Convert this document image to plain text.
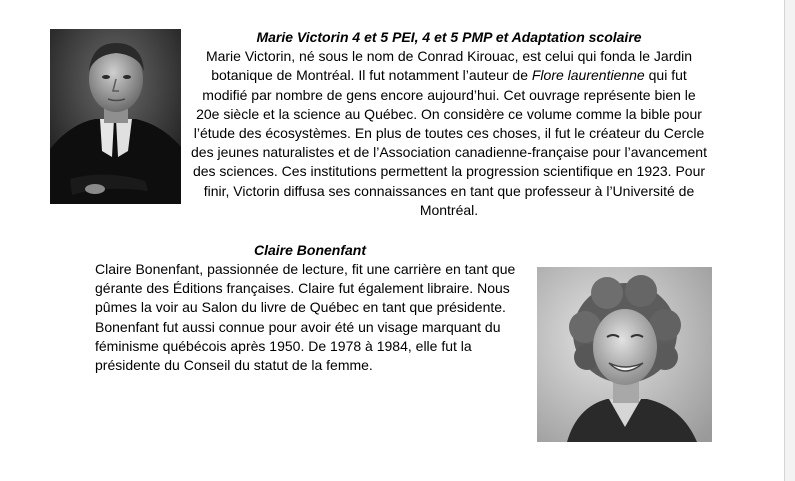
Marie Victorin 4 et 5 PEI, 4 et 5 PMP et Adaptation scolaire
Marie Victorin, né sous le nom de Conrad Kirouac, est celui qui fonda le Jardin botanique de Montréal. Il fut notamment l’auteur de Flore laurentienne qui fut modifié par nombre de gens encore aujourd’hui. Cet ouvrage représente bien le 20e siècle et la science au Québec. On considère ce volume comme la bible pour l’étude des écosystèmes. En plus de toutes ces choses, il fut le créateur du Cercle des jeunes naturalistes et de l’Association canadienne-française pour l’avancement des sciences. Ces institutions permettent la progression scientifique en 1923. Pour finir, Victorin diffusa ses connaissances en tant que professeur à l’Université de Montréal.
Claire Bonenfant
Claire Bonenfant, passionnée de lecture, fit une carrière en tant que gérante des Éditions françaises. Claire fut également libraire. Nous pûmes la voir au Salon du livre de Québec en tant que présidente. Bonenfant fut aussi connue pour avoir été un visage marquant du féminisme québécois après 1950. De 1978 à 1984, elle fut la présidente du Conseil du statut de la femme.
